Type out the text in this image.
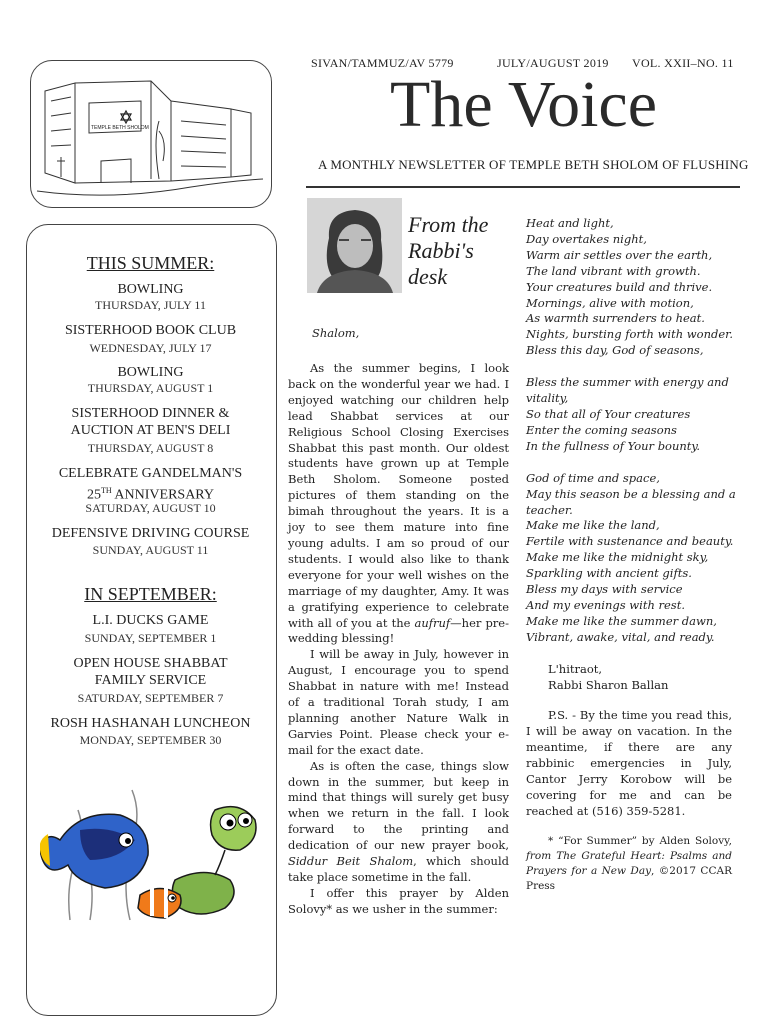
SIVAN/TAMMUZ/AV 5779	JULY/AUGUST 2019 VOL. XXII–NO. 11
The Voice
A MONTHLY NEWSLETTER OF TEMPLE BETH SHOLOM OF FLUSHING
TEMPLE BETH SHOLOM
THIS SUMMER:
BOWLING
THURSDAY, JULY 11
SISTERHOOD BOOK CLUB
WEDNESDAY, JULY 17
BOWLING
THURSDAY, AUGUST 1
SISTERHOOD DINNER &
AUCTION AT BEN'S DELI
THURSDAY, AUGUST 8
CELEBRATE GANDELMAN'S
25TH ANNIVERSARY
SATURDAY, AUGUST 10
DEFENSIVE DRIVING COURSE
SUNDAY, AUGUST 11
IN SEPTEMBER:
L.I. DUCKS GAME
SUNDAY, SEPTEMBER 1
OPEN HOUSE SHABBAT
FAMILY SERVICE
SATURDAY, SEPTEMBER 7
ROSH HASHANAH LUNCHEON
MONDAY, SEPTEMBER 30
From the
Rabbi's
desk
Shalom,

As the summer begins, I look back on the wonderful year we had. I enjoyed watching our children help lead Shabbat services at our Religious School Closing Exercises Shabbat this past month. Our oldest students have grown up at Temple Beth Sholom. Someone posted pictures of them standing on the bimah throughout the years. It is a joy to see them mature into fine young adults. I am so proud of our students. I would also like to thank everyone for your well wishes on the marriage of my daughter, Amy. It was a gratifying experience to celebrate with all of you at the aufruf—her pre-wedding blessing!

I will be away in July, however in August, I encourage you to spend Shabbat in nature with me! Instead of a traditional Torah study, I am planning another Nature Walk in Garvies Point. Please check your e-mail for the exact date.

As is often the case, things slow down in the summer, but keep in mind that things will surely get busy when we return in the fall. I look forward to the printing and dedication of our new prayer book, Siddur Beit Shalom, which should take place sometime in the fall.

I offer this prayer by Alden Solovy* as we usher in the summer:

Heat and light,
Day overtakes night,
Warm air settles over the earth,
The land vibrant with growth.
Your creatures build and thrive.
Mornings, alive with motion,
As warmth surrenders to heat.
Nights, bursting forth with wonder.
Bless this day, God of seasons,
Bless the summer with energy and
vitality,
So that all of Your creatures
Enter the coming seasons
In the fullness of Your bounty.
God of time and space,
May this season be a blessing and a
teacher.
Make me like the land,
Fertile with sustenance and beauty.
Make me like the midnight sky,
Sparkling with ancient gifts.
Bless my days with service
And my evenings with rest.
Make me like the summer dawn,
Vibrant, awake, vital, and ready.
L'hitraot,
Rabbi Sharon Ballan

P.S. - By the time you read this, I will be away on vacation. In the meantime, if there are any rabbinic emergencies in July, Cantor Jerry Korobow will be covering for me and can be reached at (516) 359-5281.

* “For Summer” by Alden Solovy, from The Grateful Heart: Psalms and Prayers for a New Day, ©2017 CCAR Press
